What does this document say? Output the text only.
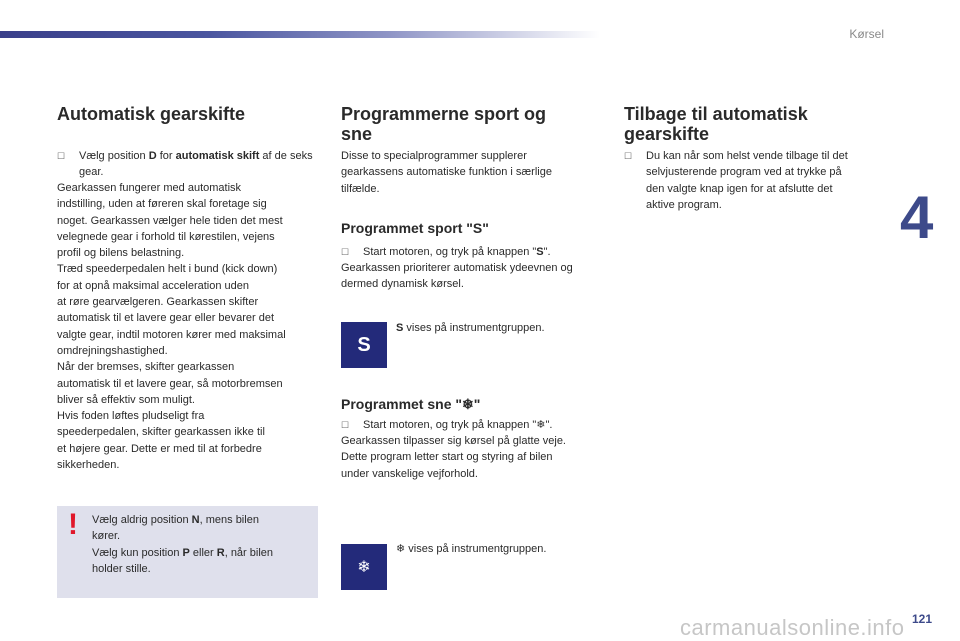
Kørsel
4
Automatisk gearskifte
☐	Vælg position D for automatisk skift af de seks gear.
Gearkassen fungerer med automatisk
indstilling, uden at føreren skal foretage sig
noget. Gearkassen vælger hele tiden det mest
velegnede gear i forhold til kørestilen, vejens
profil og bilens belastning.
Træd speederpedalen helt i bund (kick down)
for at opnå maksimal acceleration uden
at røre gearvælgeren. Gearkassen skifter
automatisk til et lavere gear eller bevarer det
valgte gear, indtil motoren kører med maksimal
omdrejningshastighed.
Når der bremses, skifter gearkassen
automatisk til et lavere gear, så motorbremsen
bliver så effektiv som muligt.
Hvis foden løftes pludseligt fra
speederpedalen, skifter gearkassen ikke til
et højere gear. Dette er med til at forbedre
sikkerheden.
! Vælg aldrig position N, mens bilen
kører.
Vælg kun position P eller R, når bilen
holder stille.
Programmerne sport og
sne
Disse to specialprogrammer supplerer
gearkassens automatiske funktion i særlige
tilfælde.
Programmet sport "S"
☐	Start motoren, og tryk på knappen "S".
Gearkassen prioriterer automatisk ydeevnen og
dermed dynamisk kørsel.
S
S vises på instrumentgruppen.
Programmet sne "❄"
☐	Start motoren, og tryk på knappen "❄".
Gearkassen tilpasser sig kørsel på glatte veje.
Dette program letter start og styring af bilen
under vanskelige vejforhold.
❄
❄ vises på instrumentgruppen.
Tilbage til automatisk
gearskifte
☐ Du kan når som helst vende tilbage til det
selvjusterende program ved at trykke på
den valgte knap igen for at afslutte det
aktive program.
carmanualsonline.info 121
